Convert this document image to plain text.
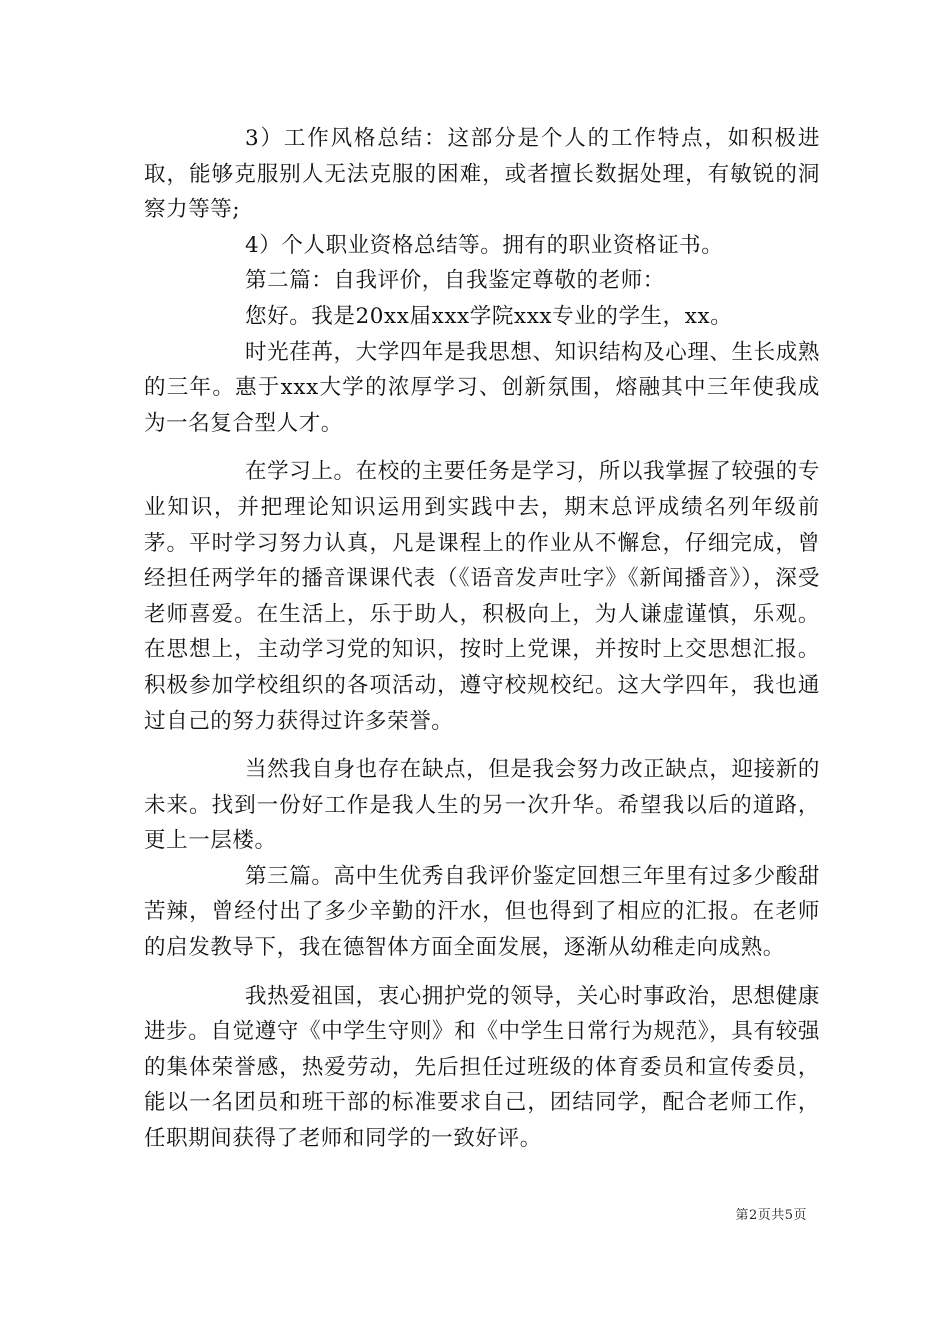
3）工作风格总结：这部分是个人的工作特点，如积极进取，能够克服别人无法克服的困难，或者擅长数据处理，有敏锐的洞察力等等;

4）个人职业资格总结等。拥有的职业资格证书。

第二篇：自我评价，自我鉴定尊敬的老师：

您好。我是20xx届xxx学院xxx专业的学生，xx。

时光荏苒，大学四年是我思想、知识结构及心理、生长成熟的三年。惠于xxx大学的浓厚学习、创新氛围，熔融其中三年使我成为一名复合型人才。

在学习上。在校的主要任务是学习，所以我掌握了较强的专业知识，并把理论知识运用到实践中去，期末总评成绩名列年级前茅。平时学习努力认真，凡是课程上的作业从不懈怠，仔细完成，曾经担任两学年的播音课课代表（《语音发声吐字》《新闻播音》），深受老师喜爱。在生活上，乐于助人，积极向上，为人谦虚谨慎，乐观。在思想上，主动学习党的知识，按时上党课，并按时上交思想汇报。积极参加学校组织的各项活动，遵守校规校纪。这大学四年，我也通过自己的努力获得过许多荣誉。

当然我自身也存在缺点，但是我会努力改正缺点，迎接新的未来。找到一份好工作是我人生的另一次升华。希望我以后的道路，更上一层楼。

第三篇。高中生优秀自我评价鉴定回想三年里有过多少酸甜苦辣，曾经付出了多少辛勤的汗水，但也得到了相应的汇报。在老师的启发教导下，我在德智体方面全面发展，逐渐从幼稚走向成熟。

我热爱祖国，衷心拥护党的领导，关心时事政治，思想健康进步。自觉遵守《中学生守则》和《中学生日常行为规范》，具有较强的集体荣誉感，热爱劳动，先后担任过班级的体育委员和宣传委员，能以一名团员和班干部的标准要求自己，团结同学，配合老师工作，任职期间获得了老师和同学的一致好评。

第2页共5页
